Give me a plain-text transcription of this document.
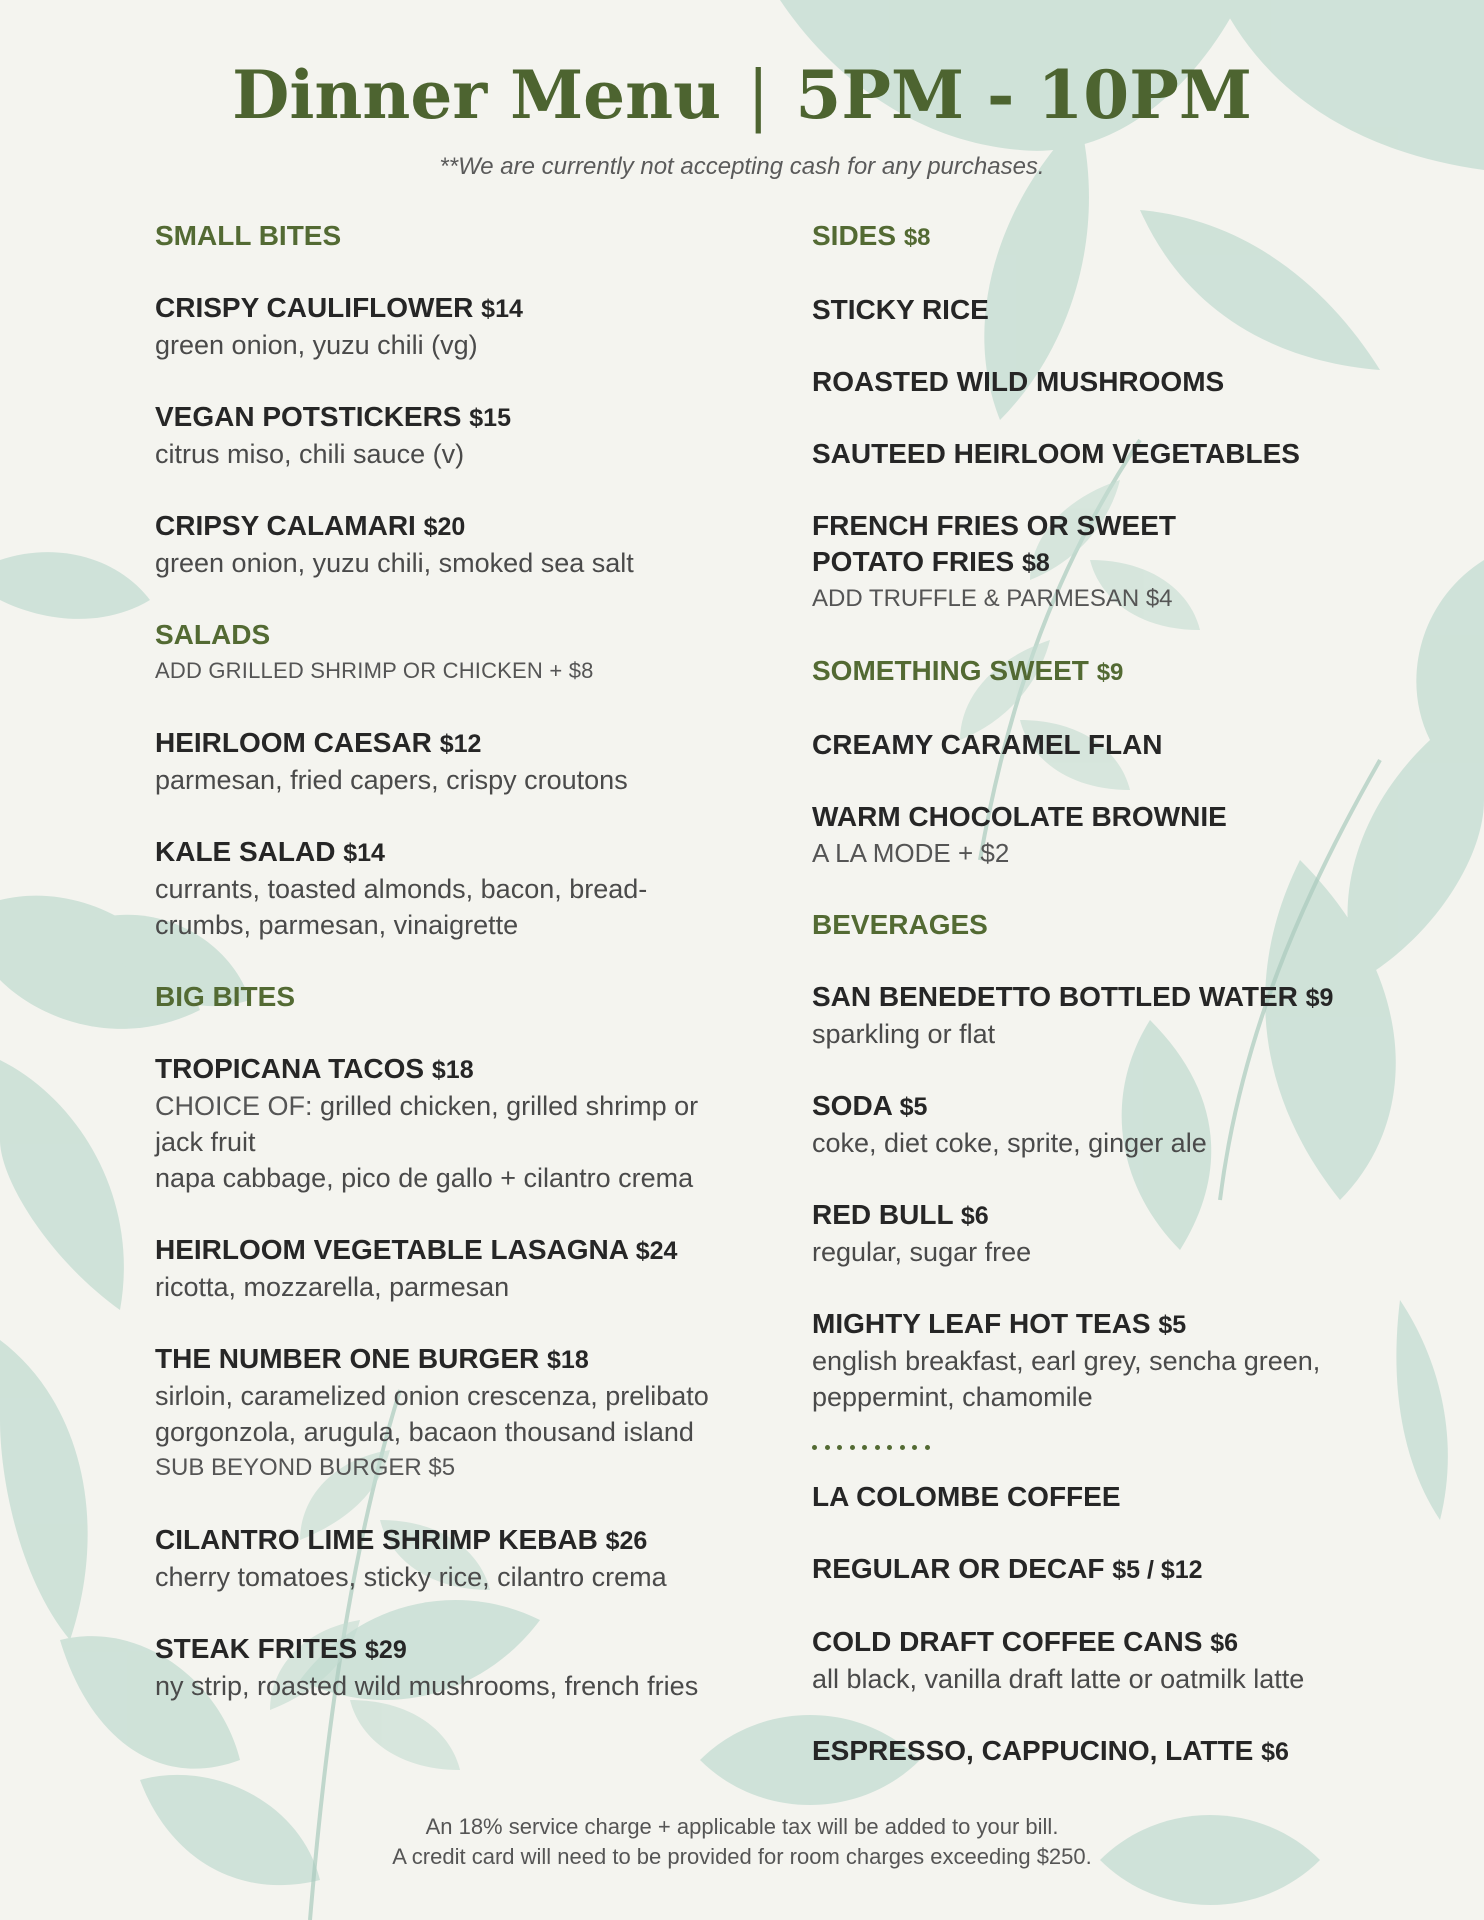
Dinner Menu | 5PM - 10PM
**We are currently not accepting cash for any purchases.
SMALL BITES
CRISPY CAULIFLOWER $14
green onion, yuzu chili (vg)
VEGAN POTSTICKERS $15
citrus miso, chili sauce (v)
CRIPSY CALAMARI $20
green onion, yuzu chili, smoked sea salt
SALADS
ADD GRILLED SHRIMP OR CHICKEN + $8
HEIRLOOM CAESAR $12
parmesan, fried capers, crispy croutons
KALE SALAD $14
currants, toasted almonds, bacon, bread-
crumbs, parmesan, vinaigrette
BIG BITES
TROPICANA TACOS $18
CHOICE OF: grilled chicken, grilled shrimp or
jack fruit
napa cabbage, pico de gallo + cilantro crema
HEIRLOOM VEGETABLE LASAGNA $24
ricotta, mozzarella, parmesan
THE NUMBER ONE BURGER $18
sirloin, caramelized onion crescenza, prelibato
gorgonzola, arugula, bacaon thousand island
SUB BEYOND BURGER $5
CILANTRO LIME SHRIMP KEBAB $26
cherry tomatoes, sticky rice, cilantro crema
STEAK FRITES $29
ny strip, roasted wild mushrooms, french fries
SIDES $8
STICKY RICE
ROASTED WILD MUSHROOMS
SAUTEED HEIRLOOM VEGETABLES
FRENCH FRIES OR SWEET
POTATO FRIES $8
ADD TRUFFLE & PARMESAN $4
SOMETHING SWEET $9
CREAMY CARAMEL FLAN
WARM CHOCOLATE BROWNIE
A LA MODE + $2
BEVERAGES
SAN BENEDETTO BOTTLED WATER $9
sparkling or flat
SODA $5
coke, diet coke, sprite, ginger ale
RED BULL $6
regular, sugar free
MIGHTY LEAF HOT TEAS $5
english breakfast, earl grey, sencha green,
peppermint, chamomile
LA COLOMBE COFFEE
REGULAR OR DECAF $5 / $12
COLD DRAFT COFFEE CANS $6
all black, vanilla draft latte or oatmilk latte
ESPRESSO, CAPPUCINO, LATTE $6
An 18% service charge + applicable tax will be added to your bill.
A credit card will need to be provided for room charges exceeding $250.
